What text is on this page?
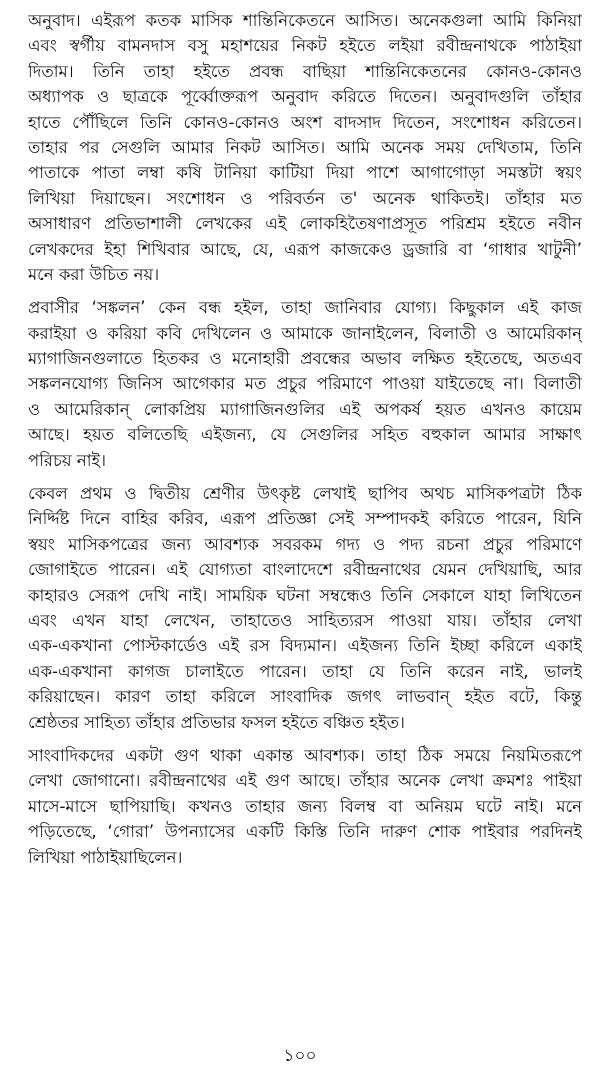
অনুবাদ। এইরূপ কতক মাসিক শান্তিনিকেতনে আসিত। অনেকগুলা আমি কিনিয়া
এবং স্বর্গীয় বামনদাস বসু মহাশয়ের নিকট হইতে লইয়া রবীন্দ্রনাথকে পাঠাইয়া
দিতাম। তিনি তাহা হইতে প্রবন্ধ বাছিয়া শান্তিনিকেতনের কোনও-কোনও
অধ্যাপক ও ছাত্রকে পূর্ব্বোক্তরূপ অনুবাদ করিতে দিতেন। অনুবাদগুলি তাঁহার
হাতে পৌঁছিলে তিনি কোনও-কোনও অংশ বাদসাদ দিতেন, সংশোধন করিতেন।
তাহার পর সেগুলি আমার নিকট আসিত। আমি অনেক সময় দেখিতাম, তিনি
পাতাকে পাতা লম্বা কষি টানিয়া কাটিয়া দিয়া পাশে আগাগোড়া সমস্তটা স্বয়ং
লিখিয়া দিয়াছেন। সংশোধন ও পরিবর্তন ত' অনেক থাকিতই। তাঁহার মত
অসাধারণ প্রতিভাশালী লেখকের এই লোকহিতৈষণাপ্রসূত পরিশ্রম হইতে নবীন
লেখকদের ইহা শিখিবার আছে, যে, এরূপ কাজকেও ড্রজারি বা ‘গাধার খাটুনী’
মনে করা উচিত নয়।
প্রবাসীর ‘সঙ্কলন’ কেন বন্ধ হইল, তাহা জানিবার যোগ্য। কিছুকাল এই কাজ
করাইয়া ও করিয়া কবি দেখিলেন ও আমাকে জানাইলেন, বিলাতী ও আমেরিকান্
ম্যাগাজিনগুলাতে হিতকর ও মনোহারী প্রবন্ধের অভাব লক্ষিত হইতেছে, অতএব
সঙ্কলনযোগ্য জিনিস আগেকার মত প্রচুর পরিমাণে পাওয়া যাইতেছে না। বিলাতী
ও আমেরিকান্ লোকপ্রিয় ম্যাগাজিনগুলির এই অপকর্ষ হয়ত এখনও কায়েম
আছে। হয়ত বলিতেছি এইজন্য, যে সেগুলির সহিত বহুকাল আমার সাক্ষাৎ
পরিচয় নাই।
কেবল প্রথম ও দ্বিতীয় শ্রেণীর উৎকৃষ্ট লেখাই ছাপিব অথচ মাসিকপত্রটা ঠিক
নির্দ্দিষ্ট দিনে বাহির করিব, এরূপ প্রতিজ্ঞা সেই সম্পাদকই করিতে পারেন, যিনি
স্বয়ং মাসিকপত্রের জন্য আবশ্যক সবরকম গদ্য ও পদ্য রচনা প্রচুর পরিমাণে
জোগাইতে পারেন। এই যোগ্যতা বাংলাদেশে রবীন্দ্রনাথের যেমন দেখিয়াছি, আর
কাহারও সেরূপ দেখি নাই। সাময়িক ঘটনা সম্বন্ধেও তিনি সেকালে যাহা লিখিতেন
এবং এখন যাহা লেখেন, তাহাতেও সাহিত্যরস পাওয়া যায়। তাঁহার লেখা
এক-একখানা পোস্টকার্ডেও এই রস বিদ্যমান। এইজন্য তিনি ইচ্ছা করিলে একাই
এক-একখানা কাগজ চালাইতে পারেন। তাহা যে তিনি করেন নাই, ভালই
করিয়াছেন। কারণ তাহা করিলে সাংবাদিক জগৎ লাভবান্ হইত বটে, কিন্তু
শ্রেষ্ঠতর সাহিত্য তাঁহার প্রতিভার ফসল হইতে বঞ্চিত হইত।
সাংবাদিকদের একটা গুণ থাকা একান্ত আবশ্যক। তাহা ঠিক সময়ে নিয়মিতরূপে
লেখা জোগানো। রবীন্দ্রনাথের এই গুণ আছে। তাঁহার অনেক লেখা ক্রমশঃ পাইয়া
মাসে-মাসে ছাপিয়াছি। কখনও তাহার জন্য বিলম্ব বা অনিয়ম ঘটে নাই। মনে
পড়িতেছে, ‘গোরা’ উপন্যাসের একটি কিস্তি তিনি দারুণ শোক পাইবার পরদিনই
লিখিয়া পাঠাইয়াছিলেন।
১০০
